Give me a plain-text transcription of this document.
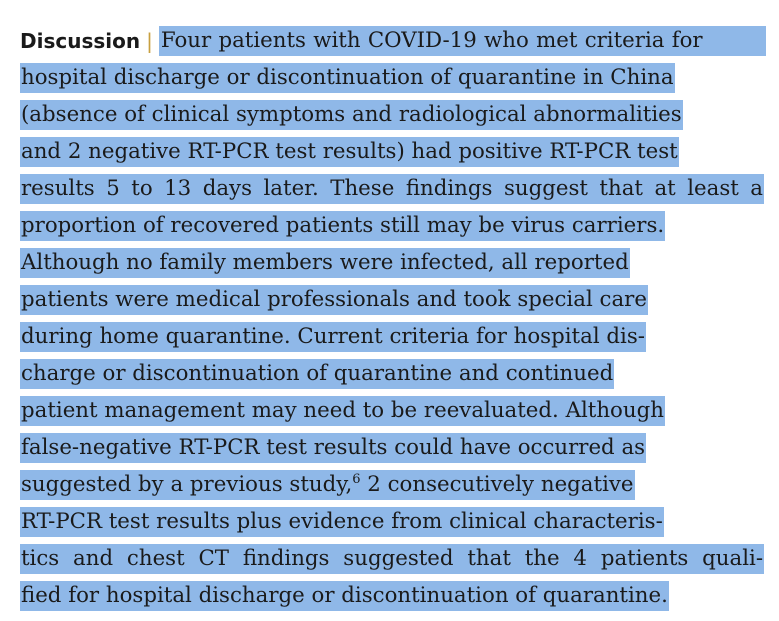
Discussion | Four patients with COVID-19 who met criteria for
hospital discharge or discontinuation of quarantine in China
(absence of clinical symptoms and radiological abnormalities
and 2 negative RT-PCR test results) had positive RT-PCR test
results 5 to 13 days later. These findings suggest that at least a
proportion of recovered patients still may be virus carriers.
Although no family members were infected, all reported
patients were medical professionals and took special care
during home quarantine. Current criteria for hospital dis-
charge or discontinuation of quarantine and continued
patient management may need to be reevaluated. Although
false-negative RT-PCR test results could have occurred as
suggested by a previous study,$^6$ 2 consecutively negative
RT-PCR test results plus evidence from clinical characteris-
tics and chest CT findings suggested that the 4 patients quali-
fied for hospital discharge or discontinuation of quarantine.
